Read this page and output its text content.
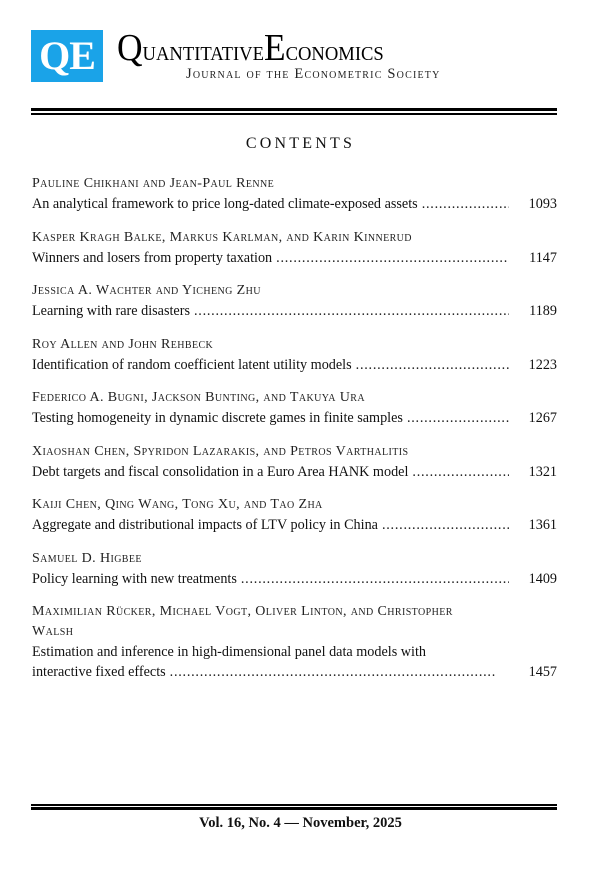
QE QuantitativeEconomics
Journal of the Econometric Society
CONTENTS
Pauline Chikhani and Jean-Paul Renne
An analytical framework to price long-dated climate-exposed assets . . .	1093
Kasper Kragh Balke, Markus Karlman, and Karin Kinnerud
Winners and losers from property taxation . . .	1147
Jessica A. Wachter and Yicheng Zhu
Learning with rare disasters . . .	1189
Roy Allen and John Rehbeck
Identification of random coefficient latent utility models . . .	1223
Federico A. Bugni, Jackson Bunting, and Takuya Ura
Testing homogeneity in dynamic discrete games in finite samples . . .	1267
Xiaoshan Chen, Spyridon Lazarakis, and Petros Varthalitis
Debt targets and fiscal consolidation in a Euro Area HANK model . . .	1321
Kaiji Chen, Qing Wang, Tong Xu, and Tao Zha
Aggregate and distributional impacts of LTV policy in China . . .	1361
Samuel D. Higbee
Policy learning with new treatments . . .	1409
Maximilian Rücker, Michael Vogt, Oliver Linton, and Christopher
Walsh
Estimation and inference in high-dimensional panel data models with
interactive fixed effects . . .	1457
Vol. 16, No. 4 — November, 2025
